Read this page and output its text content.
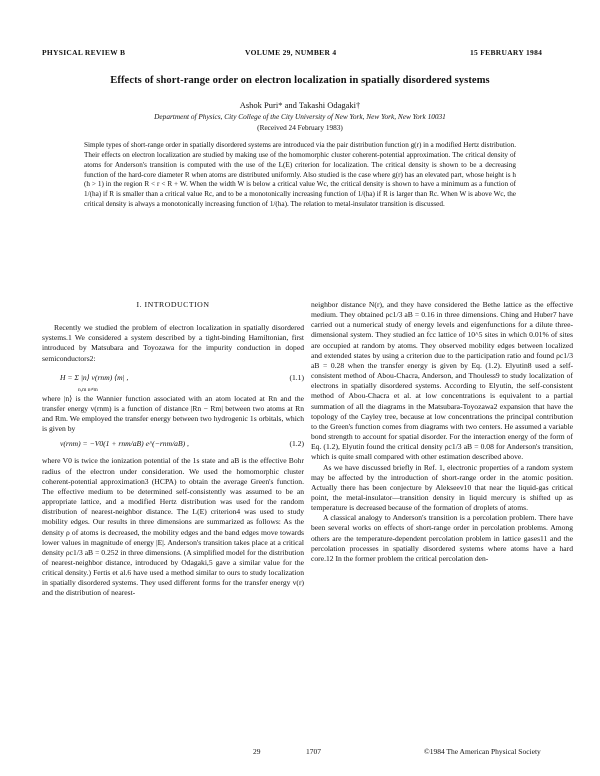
PHYSICAL REVIEW B	VOLUME 29, NUMBER 4	15 FEBRUARY 1984
Effects of short-range order on electron localization in spatially disordered systems
Ashok Puri* and Takashi Odagaki†
Department of Physics, City College of the City University of New York, New York, New York 10031
(Received 24 February 1983)
Simple types of short-range order in spatially disordered systems are introduced via the pair distribution function g(r) in a modified Hertz distribution. Their effects on electron localization are studied by making use of the homomorphic cluster coherent-potential approximation. The critical density of atoms for Anderson's transition is computed with the use of the L(E) criterion for localization. The critical density is shown to be a decreasing function of the hard-core diameter R when atoms are distributed uniformly. Also studied is the case where g(r) has an elevated part, whose height is h (h > 1) in the region R < r < R + W. When the width W is below a critical value Wc, the critical density is shown to have a minimum as a function of 1/(ha) if R is smaller than a critical value Rc, and to be a monotonically increasing function of 1/(ha) if R is larger than Rc. When W is above Wc, the critical density is always a monotonically increasing function of 1/(ha). The relation to metal-insulator transition is discussed.
I. INTRODUCTION

Recently we studied the problem of electron localization in spatially disordered systems.1 We considered a system described by a tight-binding Hamiltonian, first introduced by Matsubara and Toyozawa for the impurity conduction in doped semiconductors2:

H = Σ |n⟩ v(rnm) ⟨m| ,
$_{n,m n\ne m}$
(1.1)

where |n⟩ is the Wannier function associated with an atom located at Rn and the transfer energy v(rnm) is a function of distance |Rn − Rm| between two atoms at Rn and Rm. We employed the transfer energy between two hydrogenic 1s orbitals, which is given by

v(rnm) = −V0(1 + rnm/aB) e^(−rnm/aB) ,	(1.2)

where V0 is twice the ionization potential of the 1s state and aB is the effective Bohr radius of the electron under consideration. We used the homomorphic cluster coherent-potential approximation3 (HCPA) to obtain the average Green's function. The effective medium to be determined self-consistently was assumed to be an appropriate lattice, and a modified Hertz distribution was used for the random distribution of nearest-neighbor distance. The L(E) criterion4 was used to study mobility edges. Our results in three dimensions are summarized as follows: As the density ρ of atoms is decreased, the mobility edges and the band edges move towards lower values in magnitude of energy |E|. Anderson's transition takes place at a critical density ρc1/3 aB = 0.252 in three dimensions. (A simplified model for the distribution of nearest-neighbor distance, introduced by Odagaki,5 gave a similar value for the critical density.) Fertis et al.6 have used a method similar to ours to study localization in spatially disordered systems. They used different forms for the transfer energy v(r) and the distribution of nearest-

neighbor distance N(r), and they have considered the Bethe lattice as the effective medium. They obtained ρc1/3 aB = 0.16 in three dimensions. Ching and Huber7 have carried out a numerical study of energy levels and eigenfunctions for a dilute three-dimensional system. They studied an fcc lattice of 10^5 sites in which 0.01% of sites are occupied at random by atoms. They observed mobility edges between localized and extended states by using a criterion due to the participation ratio and found ρc1/3 aB = 0.28 when the transfer energy is given by Eq. (1.2). Elyutin8 used a self-consistent method of Abou-Chacra, Anderson, and Thouless9 to study localization of electrons in spatially disordered systems. According to Elyutin, the self-consistent method of Abou-Chacra et al. at low concentrations is equivalent to a partial summation of all the diagrams in the Matsubara-Toyozawa2 expansion that have the topology of the Cayley tree, because at low concentrations the principal contribution to the Green's function comes from diagrams with two centers. He assumed a variable bond strength to account for spatial disorder. For the interaction energy of the form of Eq. (1.2), Elyutin found the critical density ρc1/3 aB = 0.08 for Anderson's transition, which is quite small compared with other estimation described above.

As we have discussed briefly in Ref. 1, electronic properties of a random system may be affected by the introduction of short-range order in the atomic position. Actually there has been conjecture by Alekseev10 that near the liquid-gas critical point, the metal-insulator—transition density in liquid mercury is shifted up as temperature is decreased because of the formation of droplets of atoms.

A classical analogy to Anderson's transition is a percolation problem. There have been several works on effects of short-range order in percolation problems. Among others are the temperature-dependent percolation problem in lattice gases11 and the percolation processes in spatially disordered systems where atoms have a hard core.12 In the former problem the critical percolation den-

29	1707	©1984 The American Physical Society
